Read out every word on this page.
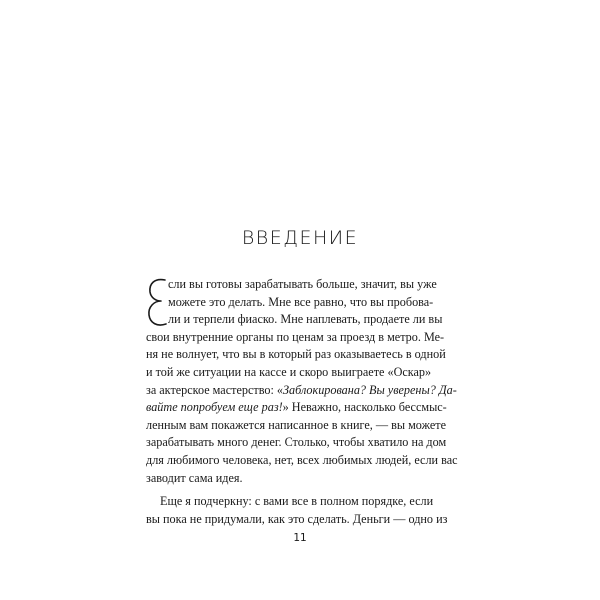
ВВЕДЕНИЕ
сли вы готовы зарабатывать больше, значит, вы уже
можете это делать. Мне все равно, что вы пробова-
ли и терпели фиаско. Мне наплевать, продаете ли вы
свои внутренние органы по ценам за проезд в метро. Ме-
ня не волнует, что вы в который раз оказываетесь в одной
и той же ситуации на кассе и скоро выиграете «Оскар»
за актерское мастерство: «Заблокирована? Вы уверены? Да-
вайте попробуем еще раз!» Неважно, насколько бессмыс-
ленным вам покажется написанное в книге, — вы можете
зарабатывать много денег. Столько, чтобы хватило на дом
для любимого человека, нет, всех любимых людей, если вас
заводит сама идея.
Еще я подчеркну: с вами все в полном порядке, если
вы пока не придумали, как это сделать. Деньги — одно из
11
